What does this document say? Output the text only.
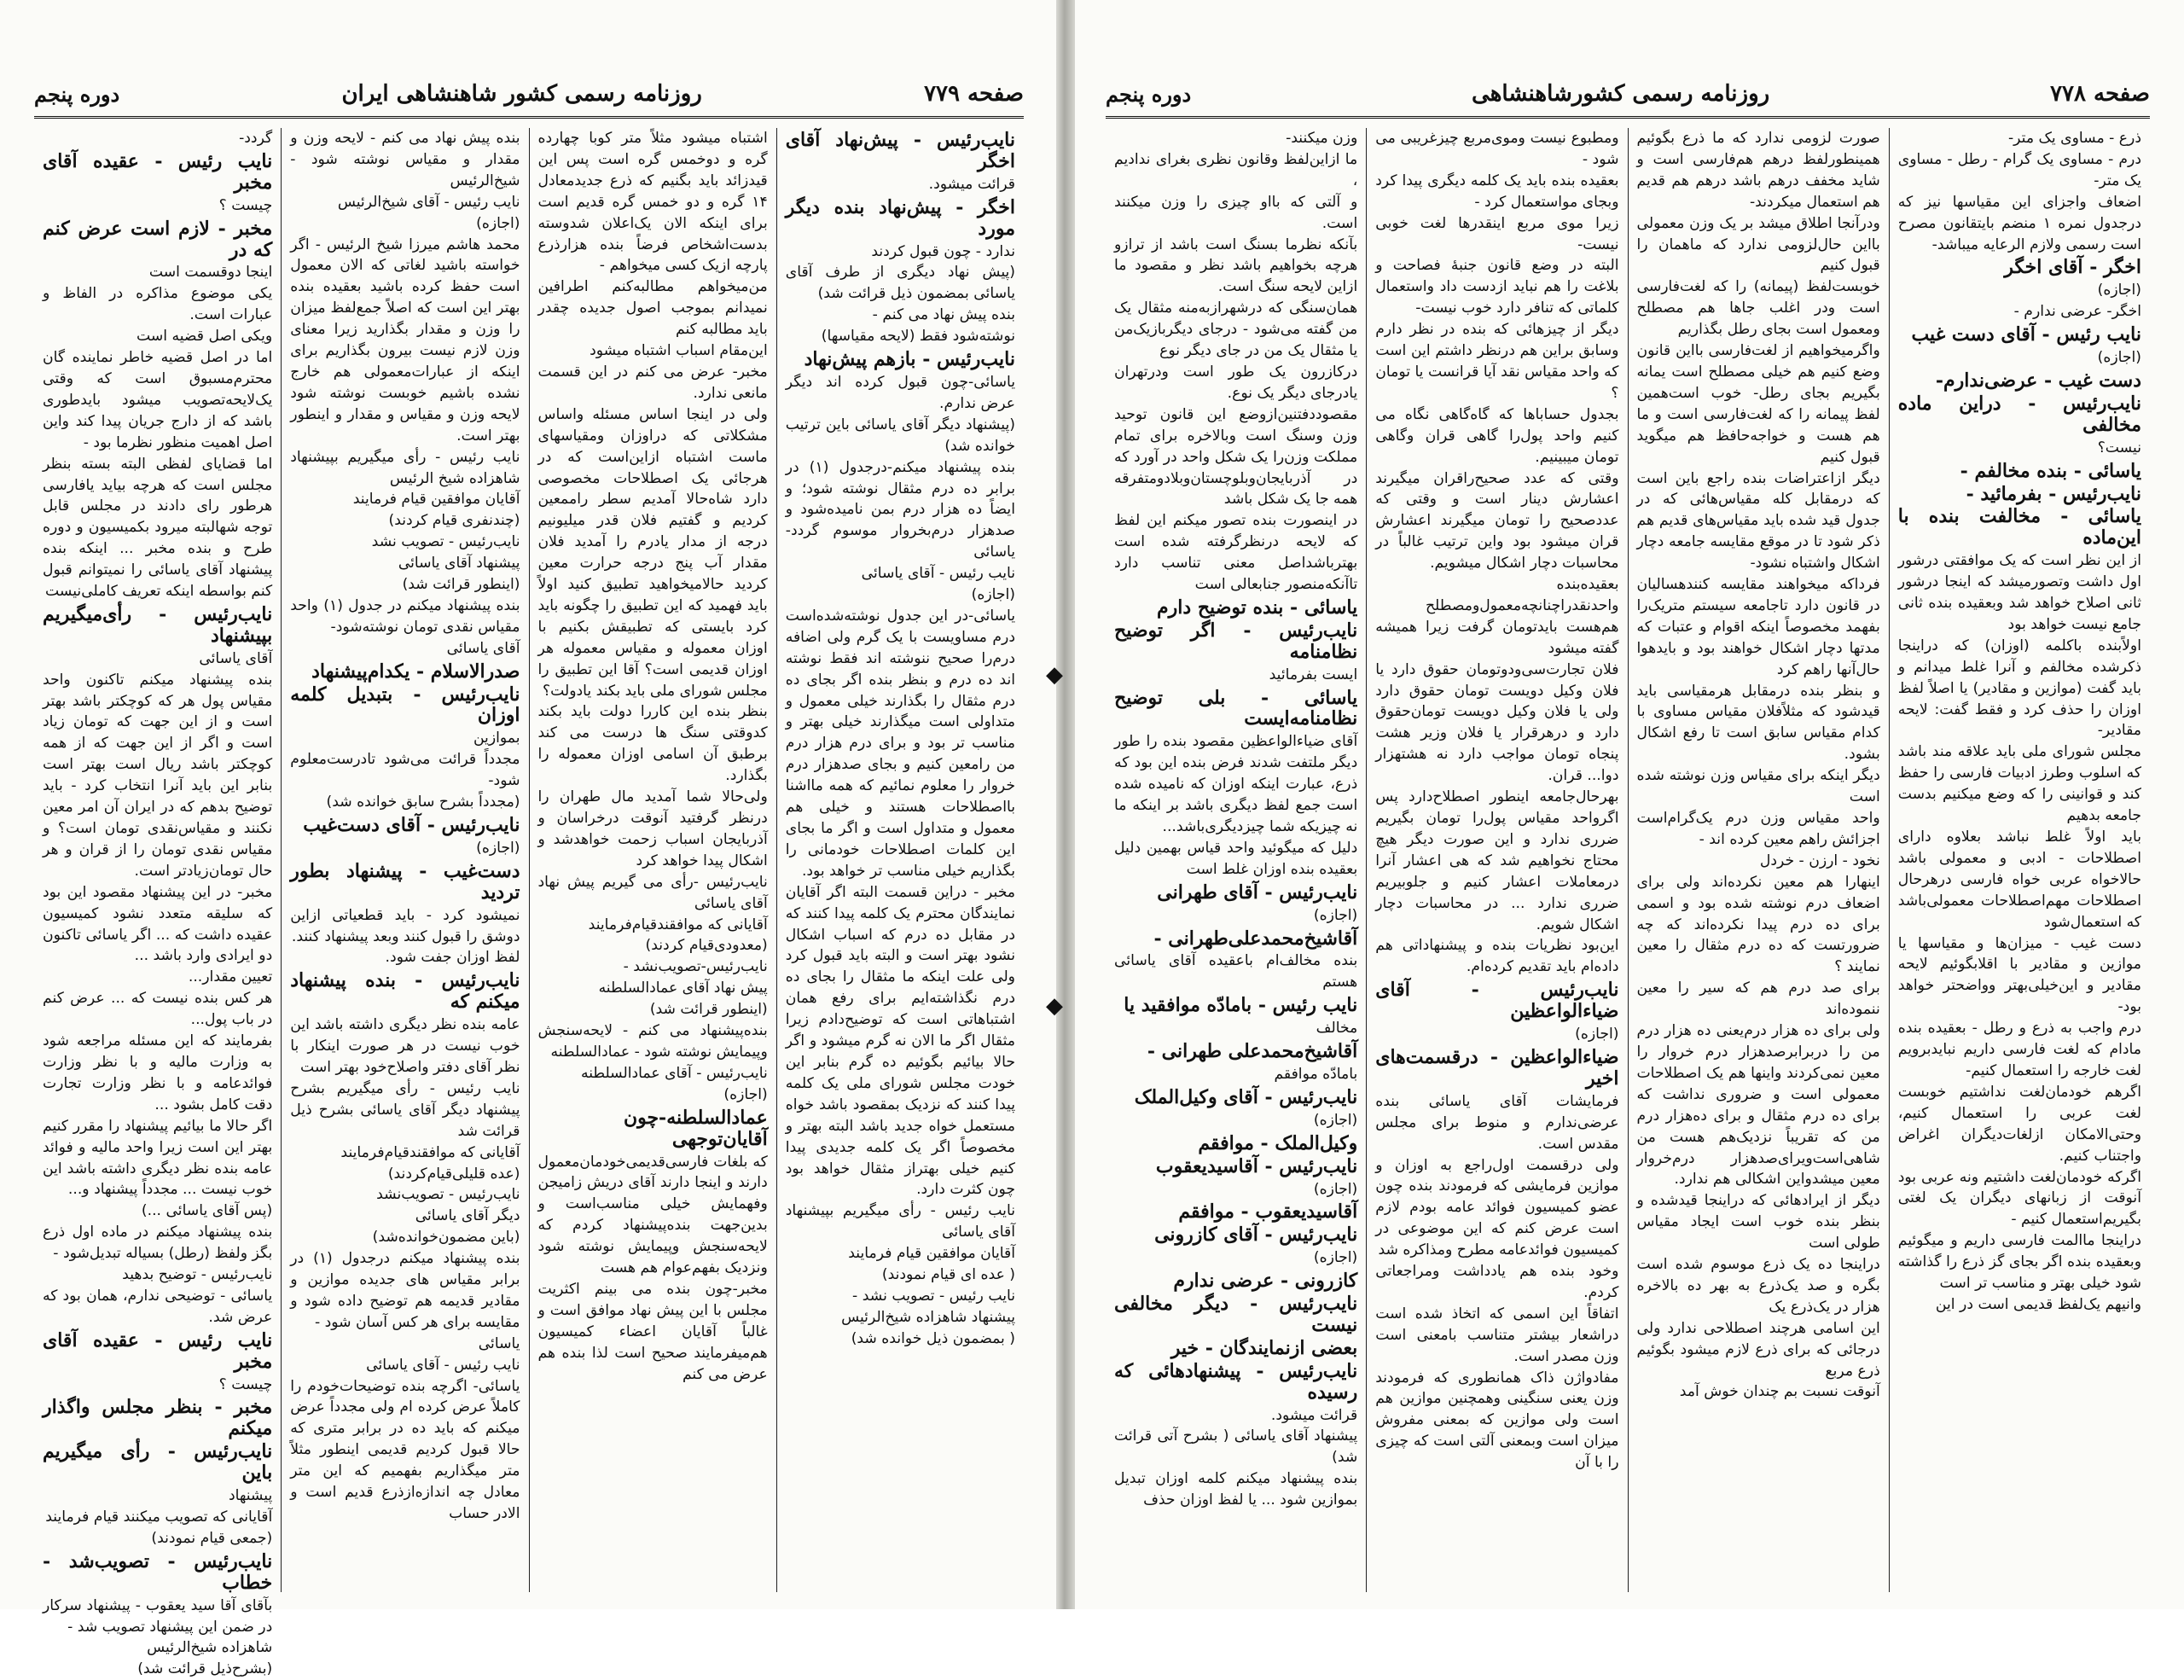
صفحه ۷۷۹
روزنامه رسمی کشور شاهنشاهی ایران
دوره پنجم
نایب‌رئیس - پیش‌نهاد آقای اخگر
قرائت میشود.
اخگر - پیش‌نهاد بنده دیگر مورد
ندارد - چون قبول کردند
(پیش نهاد دیگری از طرف آقای یاسائی بمضمون ذیل قرائت شد)
بنده پیش نهاد می کنم -
نوشته‌شود فقط (لایحه مقیاسها)
نایب‌رئیس - بازهم پیش‌نهاد
یاسائی-چون قبول کرده اند دیگر عرض ندارم.
(پیشنهاد دیگر آقای یاسائی باین ترتیب خوانده شد)
بنده پیشنهاد میکنم-درجدول (۱) در برابر ده درم مثقال نوشته شود؛ و ایضاً ده هزار درم بمن نامیده‌شود و صدهزار درم‌بخروار موسوم گردد-یاسائی
نایب رئیس - آقای یاسائی
(اجازه)
یاسائی-در این جدول نوشته‌شده‌است درم مساویست با یک گرم ولی اضافه درم‌را صحیح ننوشته اند فقط نوشته اند ده درم و بنظر بنده اگر بجای ده درم مثقال را بگذارند خیلی معمول و متداولی است میگذارند خیلی بهتر و مناسب تر بود و برای درم هزار درم من رامعین کنیم و بجای صدهزار درم خروار را معلوم نمائیم که همه مااشنا بااصطلاحات هستند و خیلی هم معمول و متداول است و اگر ما بجای این کلمات اصطلاحات خودمانی را بگذاریم خیلی مناسب تر خواهد بود.
مخبر - دراین قسمت البته اگر آقایان نمایندگان محترم یک کلمه پیدا کنند که در مقابل ده درم که اسباب اشکال نشود بهتر است و البته باید قبول کرد ولی علت اینکه ما مثقال را بجای ده درم نگذاشته‌ایم برای رفع همان اشتباهاتی است که توضیح‌دادم زیرا مثقال اگر ما الان نه گرم میشود و اگر حالا بیائیم بگوئیم ده گرم بنابر این خودت مجلس شورای ملی یک کلمه پیدا کنند که نزدیک بمقصود باشد خواه مستعمل خواه جدید باشد البته بهتر و مخصوصاً اگر یک کلمه جدیدی پیدا کنیم خیلی بهتراز مثقال خواهد بود چون کثرت دارد.
نایب رئیس - رأی میگیریم بپیشنهاد آقای یاسائی
آقایان موافقین قیام فرمایند
( عده ای قیام نمودند)
نایب رئیس - تصویب نشد -
پیشنهاد شاهزاده شیخ‌الرئیس
( بمضمون ذیل خوانده شد)
اشتباه میشود مثلاً متر کوبا چهارده گره و دوخمس گره است پس این قیدزائد باید بگنیم که ذرع جدیدمعادل ۱۴ گره و دو خمس گره قدیم است برای اینکه الان یک‌اعلان شدوسته بدست‌اشخاص فرضاً بنده هزارذرع پارچه ازیک کسی میخواهم -
من‌میخواهم مطالبه‌کنم اطرافین نمیدانم بموجب اصول جدیده چقدر باید مطالبه کنم
این‌مقام اسباب اشتباه میشود
مخبر- عرض می کنم در این قسمت مانعی ندارد.
ولی در اینجا اساس مسئله واساس مشکلاتی که دراوزان ومقیاسهای ماست اشتباه ازاین‌است که در هرجائی یک اصطلاحات مخصوصی دارد شاه‌حالا آمدیم سطر راممعین کردیم و گفتیم فلان قدر میلیونیم درجه از مدار یادرم را آمدید فلان مقدار آب پنج درجه حرارت معین کردید حالامیخواهید تطبیق کنید اولاً باید فهمید که این تطبیق را چگونه باید کرد بایستی که تطبیقش بکنیم با اوزان معموله و مقیاس معموله هر اوزان قدیمی است؟ آقا این تطبیق را مجلس شورای ملی باید بکند یادولت؟
بنظر بنده این کاررا دولت باید بکند کدوقتی سنگ ها درست می کند برطبق آن اسامی اوزان معموله را بگذارد.
ولی‌حالا شما آمدید مال طهران را درنظر گرفتید آنوقت درخراسان و آذربایجان اسباب زحمت خواهدشد و اشکال پیدا خواهد کرد
نایب‌رئیس -رأی می گیریم پیش نهاد آقای یاسائی
آقایانی که موافقندقیام‌فرمایند
(معدودی‌قیام کردند)
نایب‌رئیس-تصویب‌نشد -
پیش نهاد آقای عمادالسلطنه
(اینطور قرائت شد)
بنده‌پیشنهاد می کنم - لایحه‌سنجش وپیمایش نوشته شود - عمادالسلطنه
نایب‌رئیس - آقای عمادالسلطنه
(اجازه)

عمادالسلطنه-چون آقایان‌توجهی
که بلغات فارسی‌قدیمی‌خودمان‌معمول دارند و اینجا دارند آقای دریش زامیجن وفهمایش خیلی مناسب‌است و بدین‌جهت بنده‌پیشنهاد کردم که لایحه‌سنجش وپیمایش نوشته شود ونزدیک بفهم‌عوام هم هست
مخبر-چون بنده می بینم اکثریت مجلس با این پیش نهاد موافق است و غالباً آقایان اعضاء کمیسیون هم‌میفرمایند صحیح است لذا بنده هم عرض می کنم
بنده پیش نهاد می کنم - لایحه وزن و مقدار و مقیاس نوشته شود - شیخ‌الرئیس
نایب رئیس - آقای شیخ‌الرئیس
(اجازه)
محمد هاشم میرزا شیخ الرئیس - اگر خواسته باشید لغاتی که الان معمول است حفظ کرده باشید بعقیده بنده بهتر این است که اصلاً جمع‌لفظ میزان را وزن و مقدار بگذارید زیرا معنای وزن لازم نیست بیرون بگذاریم برای اینکه از عبارات‌معمولی هم خارج نشده باشیم خوبست نوشته شود لایحه وزن و مقیاس و مقدار و اینطور بهتر است.
نایب رئیس - رأی میگیریم بپیشنهاد شاهزاده شیخ الرئیس
آقایان موافقین قیام فرمایند
(چندنفری قیام کردند)
نایب‌رئیس - تصویب نشد
پیشنهاد آقای یاسائی
(اینطور قرائت شد)
بنده پیشنهاد میکنم در جدول (۱) واحد مقیاس نقدی تومان نوشته‌شود-
آقای یاسائی

صدرالاسلام - یکدام‌پیشنهاد
نایب‌رئیس - بتبدیل کلمه اوزان
بموازین
مجدداً قرائت می‌شود تادرست‌معلوم شود-
(مجدداً بشرح سابق خوانده شد)

نایب‌رئیس - آقای دست‌غیب
(اجازه)

دست‌غیب - پیشنهاد بطور تردید
نمیشود کرد - باید قطعیاتی ازاین دوشق را قبول کنند وبعد پیشنهاد کنند.
لفظ اوزان جفت شود.

نایب‌رئیس - بنده پیشنهاد میکنم که
عامه بنده نظر دیگری داشته باشد این خوب نیست در هر صورت اینکار با نظر آقای دفتر واصلاح‌خود بهتر است
نایب رئیس - رأی میگیریم بشرح پیشنهاد دیگر آقای یاسائی بشرح ذیل قرائت شد
آقایانی که موافقندقیام‌فرمایند
(عده قلیلی‌قیام‌کردند)
نایب‌رئیس - تصویب‌نشد
دیگر آقای یاسائی
(باین مضمون‌خوانده‌شد)
بنده پیشنهاد میکنم درجدول (۱) در برابر مقیاس های جدیده موازین و مقادیر قدیمه هم توضیح داده شود و مقایسه برای هر کس آسان شود -
یاسائی
نایب رئیس - آقای یاسائی
یاسائی- اگرچه بنده توضیحات‌خودم را کاملاً عرض کرده ام ولی مجدداً عرض میکنم که باید ده در برابر متری که حالا قبول کردیم قدیمی اینطور مثلاً متر میگذاریم بفهمیم که این متر معادل چه اندازه‌ازذرع قدیم است و الادر حساب
گردد-

نایب رئیس - عقیده آقای مخبر
چیست ؟

مخبر - لازم است عرض کنم که در
اینجا دوقسمت است
یکی موضوع مذاکره در الفاظ و عبارات است.
ویکی اصل قضیه است
اما در اصل قضیه خاطر نماینده گان محترم‌مسبوق است که وقتی یک‌لایحه‌تصویب میشود بایدطوری باشد که از دارج جریان پیدا کند واین اصل اهمیت منظور نظرما بود -
اما قضایای لفظی البته بسته بنظر مجلس است که هرچه بیاید یافارسی هرطور رای دادند در مجلس قابل توجه شهالبته میرود بکمیسیون و دوره‌ طرح و بنده مخبر ... اینکه بنده پیشنهاد آقای یاسائی را نمیتوانم قبول کنم بواسطه اینکه تعریف کاملی‌نیست

نایب‌رئیس - رأی‌میگیریم بپیشنهاد
آقای یاسائی
بنده پیشنهاد میکنم تاکنون واحد مقیاس پول هر که کوچکتر باشد بهتر است و از این جهت که تومان زیاد است و اگر از این جهت که از همه کوچکتر باشد ریال است بهتر است بنابر این باید آنرا انتخاب کرد - باید توضیح بدهم که در ایران آن امر معین نکنند و مقیاس‌نقدی تومان است؟ و مقیاس نقدی تومان را از قران و هر حال تومان‌زیادتر است.
مخبر- در این پیشنهاد مقصود این بود که سلیقه متعدد نشود کمیسیون عقیده داشت که ... اگر یاسائی تاکنون دو ایرادی وارد باشد ...
تعیین مقدار...
هر کس بنده نیست که ... عرض کنم در باب پول...
بفرمایند که این مسئله مراجعه شود به وزارت مالیه و با نظر وزارت فوائدعامه و با نظر وزارت تجارت دقت کامل بشود ...
اگر حالا ما بیائیم‌ پیشنهاد را مقرر کنیم بهتر این است زیرا واحد مالیه و فوائد عامه بنده نظر دیگری داشته باشد این خوب نیست ... مجدداً پیشنهاد و...
(پس آقای یاسائی ...)
بنده پیشنهاد میکنم در ماده اول ذرع بگز ولفظ (رطل) بسیاله تبدیل‌شود -
نایب‌رئیس - توضیح بدهید
یاسائی - توضیحی ندارم، همان بود که عرض شد.

نایب رئیس - عقیده آقای مخبر
چیست ؟

مخبر - بنظر مجلس واگذار میکنم
نایب‌رئیس - رأی میگیریم باین
پیشنهاد
آقایانی که تصویب میکنند قیام فرمایند
(جمعی قیام نمودند)

نایب‌رئیس - تصویب‌شد - خطاب
بآقای آقا سید یعقوب - پیشنهاد سرکار در ضمن این پیشنهاد تصویب شد -
شاهزاده شیخ‌الرئیس
(بشرح‌ذیل قرائت شد)
صفحه ۷۷۸
روزنامه رسمی کشورشاهنشاهی
دوره پنجم
ذرع - مساوی یک متر-
درم - مساوی یک گرام - رطل - مساوی یک متر-
اضعاف واجزای این مقیاسها نیز که درجدول نمره ۱ منضم بایتقانون مصرح است رسمی ولازم الرعایه میباشد-

اخگر - آقای اخگر
(اجازه)
اخگر- عرضی ندارم -

نایب رئیس - آقای دست غیب
(اجازه)

دست غیب - عرضی‌ندارم-
نایب‌رئیس - دراین ماده مخالفی
نیست؟

یاسائی - بنده مخالفم -
نایب‌رئیس - بفرمائید -
یاسائی - مخالفت بنده با این‌ماده
از این نظر است که یک موافقتی درشور اول داشت وتصورمیشد که اینجا درشور ثانی اصلاح خواهد شد وبعقیده بنده ثانی جامع نیست خواهد بود
اولاً‌بنده باکلمه (اوزان) که دراینجا ذکرشده مخالفم و آنرا غلط میدانم و باید گفت (موازین و مقادیر) یا اصلاً لفظ اوزان را حذف کرد و فقط گفت: لایحه مقادیر-
مجلس شورای ملی باید علاقه مند باشد که اسلوب وطرز ادبیات فارسی را حفظ کند و قوانینی را که وضع میکنیم بدست جامعه بدهیم
باید اولاً غلط نباشد بعلاوه دارای اصطلاحات - ادبی و معمولی باشد حالاخواه عربی خواه فارسی درهرحال اصطلاحات مهم‌اصطلاحات معمولی‌باشد که استعمال‌شود
دست غیب - میزان‌ها و مقیاسها یا موازین و مقادیر با اقلابگوئیم لایحه مقادیر و این‌خیلی‌بهتر وواضحتر خواهد بود-
درم واجب به ذرع و رطل - بعقیده بنده مادام که لغت فارسی داریم نباید‌بر‌ویم لغت خارجه را استعمال کنیم-
اگرهم خودمان‌لغت نداشتیم خوبست لغت عربی را استعمال کنیم، وحتی‌الامکان ازلغات‌دیگران اغراض واجتناب کنیم.
اگرکه خودمان‌لغت داشتیم ونه عربی بود آنوقت از زبانهای دیگران یک لغتی بگیریم‌استعمال کنیم -
دراینجا ماالمت فارسی داریم و میگوئیم وبعقیده بنده اگر بجای گز ذرع را گذاشته شود خیلی بهتر و مناسب تر است
وانیهم یک‌لفظ قدیمی است در این
صورت لزومی ندارد که ما ذرع بگوئیم همینطورلفظ درهم هم‌فارسی است و شاید مخفف درهم باشد درهم هم قدیم هم استعمال میکردند-
ودرآنجا اطلاق میشد بر یک وزن معمولی بااین حال‌لزومی ندارد که ماهمان را قبول کنیم
خوبست‌لفظ (پیمانه) را که لغت‌فارسی است ودر اغلب جاها هم مصطلح ومعمول است بجای رطل بگذاریم
واگرمیخواهیم از لغت‌فارسی بااین قانون وضع کنیم هم خیلی مصطلح است یمانه بگیریم بجای رطل- خوب است‌همین‌ لفظ پیمانه‌ را که‌ لغت‌فارسی است‌ و ما هم هست و خواجه‌حافظ هم میگوید قبول کنیم
دیگر ازاعتراضات بنده راجع باین است که درمقابل کله مقیاس‌هائی که در جدول قید شده باید مقیاس‌های قدیم هم ذکر شود تا در موقع مقایسه جامعه دچار اشکال واشتباه نشود-
فرداکه میخواهند مقایسه کنندهسالیان در قانون دارد تاجامعه سیستم متریک‌را بفهمد مخصوصاً اینکه اقوام و عتبات که مدتها دچار اشکال خواهند بود و بایدهوا حال‌آنها راهم کرد
و بنظر بنده درمقابل هرمقیاسی باید قیدشود که مثلاًفلان مقیاس مساوی با کدام مقیاس سابق است تا رفع اشکال بشود.
دیگر اینکه برای مقیاس وزن نوشته شده است
واحد مقیاس وزن درم یک‌گرام‌است اجزائش راهم معین کرده اند -
نخود - ارزن - خردل
اینهارا هم معین نکرده‌اند ولی برای اضعاف درم نوشته شده بود و اسمی برای ده درم پیدا نکرده‌اند که چه ضرورتست که ده درم مثقال را معین نمایند ؟
برای صد درم هم که سیر را معین ننموده‌اند
ولی برای ده هزار درم‌یعنی ده‌ هزار درم من را دربرابرصدهزار درم خروار را معین نمی‌کردند واینها هم یک اصطلاحات معمولی است و ضروری نداشت که برای ده درم مثقال و برای ده‌هزار درم من که تقریباً نزدیک‌هم هست من شاهی‌است‌ویرای‌صدهزار درم‌خروار معین میشد‌واین‌ اشکالی هم ندارد.
دیگر از ایرادهائی که دراینجا قیدشده و بنظر بنده خوب است ایجاد مقیاس طولی است
دراینجا ده یک ذرع موسوم شده است بگره و صد یک‌ذرع به بهر ده بالاخره هزار در یک‌ذرع یک
این اسامی هرچند اصطلاحی ندارد ولی درجائی که برای ذرع لازم میشود بگوئیم ذرع مربع
آنوقت نسبت بم چندان خوش آمد
ومطبوع نیست ومو‌ی‌مربع چیزغریبی می شود -
بعقیده بنده باید یک کلمه دیگری پیدا کرد وبجای مواستعمال کرد -
زیرا موی مربع اینقدرها لغت خوبی نیست-
البته در وضع قانون جنبهٔ فصاحت و بلاغت را هم نباید ازدست داد واستعمال کلماتی که تنافر دارد خوب نیست-
دیگر از چیزهائی که بنده در نظر دارم وسابق براین هم درنظر داشتم این است که واحد مقیاس نقد آیا قرانست یا تومان ؟
بجدول حساباها که گاه‌گاهی نگاه می کنیم واحد پول‌را گاهی قران وگاهی تومان میبینیم.
وقتی که عدد صحیح‌راقران میگیرند اعشارش دینار است و وقتی که عددصحیح را تومان میگیرند اعشارش قران میشود بود واین ترتیب غالباً در محاسبات دچار اشکال میشویم.
بعقیده‌بنده‌ واحدنقدرا‌چنانچه‌معمول‌ومصطلح هم‌هست باید‌تومان گرفت زیرا همیشه گفته میشود
فلان تجارت‌سی‌ودوتومان حقوق دارد یا فلان وکیل دویست تومان حقوق دارد ولی یا فلان وکیل دویست تومان‌حقوق دارد و درهرقرار یا فلان وزیر هشت پنجاه تومان مواجب دارد نه هشتهزار دوا... قران.
بهرحال‌جامعه اینطور اصطلاح‌دارد پس اگرواحد مقیاس پول‌را تومان بگیریم ضرری ندارد و این صورت دیگر هیچ محتاج نخواهیم شد که هی اعشار آنرا درمعاملات اعشار کنیم و جلوبیریم ضرری ندارد ... در محاسبات دچار اشکال شویم.
این‌بود نظریات بنده و پیشنهاداتی هم داده‌ام باید تقدیم کرده‌ام.

نایب‌رئیس - آقای ضیاءالواعظین
(اجازه)

ضیاءالواعظین - درقسمت‌های اخیر
فرمایشات آقای یاسائی بنده عرضی‌ندارم و منوط برای مجلس مقدس است.
ولی درقسمت اول‌راجع به اوزان و موازین فرمایشی که فرمودند بنده چون عضو کمیسیون فوائد عامه بودم لازم است عرض کنم که این موضوعی در کمیسیون فوائدعامه مطرح ومذاکره شد
وخود بنده هم یادداشت ومراجعاتی کردم.
اتفاقاً این اسمی که اتخاذ شده است دراشعار بیشتر متناسب بامعنی است وزن مصدر است.
مفادواژن ذاک همانطوری که فرمودند وزن یعنی سنگینی وهمچنین موازین هم است ولی موازین که بمعنی مفروش میزان است وبمعنی آلتی است که چیزی را با آن
وزن میکنند-
ما ازاین‌لفظ وقانون نظری بغرای ندادیم ،
و آلتی که بااو چیزی را وزن میکنند است.
بآنکه نظرما بسنگ است باشد از ترازو هرچه بخواهیم باشد نظر و مقصود ما ازاین لایحه سنگ است.
همان‌سنگی که درشهرازبه‌منه مثقال یک من گفته می‌شود - درجای دیگر‌بازیک‌من یا مثقال یک من در جای دیگر نوع
درکازرون یک طور است ودرتهران یادرجای دیگر یک نوع.
مقصوددفتنین‌ازوضع این قانون توحید وزن وسنگ است وبالاخره برای تمام مملکت وزن‌را یک شکل واحد در آورد که در آذربایجان‌و‌بلوچستان‌‌و‌بلاد‌ومتفرقه همه جا یک شکل باشد
در اینصورت بنده تصور میکنم این لفظ‌ که‌ لایحه در‌نظر‌گرفته‌ شده است بهترباشد‌اصل معنی تناسب دارد تاآنکه‌منصور جنابعالی است

یاسائی - بنده توضیح دارم
نایب‌رئیس - اگر توضیح نظامنامه‌
ایست بفرمائید

یاسائی - بلی توضیح نظامنامه‌ایست
آقای ضیاءالواعظین مقصود بنده را طور دیگر ملتفت شدند فرض بنده این بود که ذرع، عبارت اینکه اوزان که نامیده شده است جمع لفظ دیگری باشد بر اینکه ما نه‌ چیزیکه‌ شما چیزدیگری‌باشد...
دلیل که میگوئید واحد قیاس بهمین دلیل بعقیده بنده اوزان غلط است

نایب‌رئیس - آقای طهرانی
(اجازه)

آقاشیخ‌محمدعلی‌طهرانی -
بنده مخالف‌ام باعقیده آقای یاسائی هستم

نایب رئیس - بامادّه موافقید یا
مخالف

آقاشیخ‌محمدعلی طهرانی -
بامادّه موافقم

نایب‌رئیس - آقای وکیل‌الملک
(اجازه)

وکیل‌الملک - موافقم
نایب‌رئیس - آقاسیدیعقوب
(اجازه)

آقاسیدیعقوب - موافقم
نایب‌رئیس - آقای کازرونی
(اجازه)

کازرونی - عرضی ندارم
نایب‌رئیس - دیگر مخالفی نیست
بعضی ازنمایندگان - خیر
نایب‌رئیس - پیشنهادهائی که رسیده
قرائت میشود.
پیشنهاد آقای یاسائی ( بشرح آتی قرائت شد)
بنده پیشنهاد میکنم کلمه اوزان تبدیل بموازین شود ... یا لفظ اوزان حذف
◆
◆
